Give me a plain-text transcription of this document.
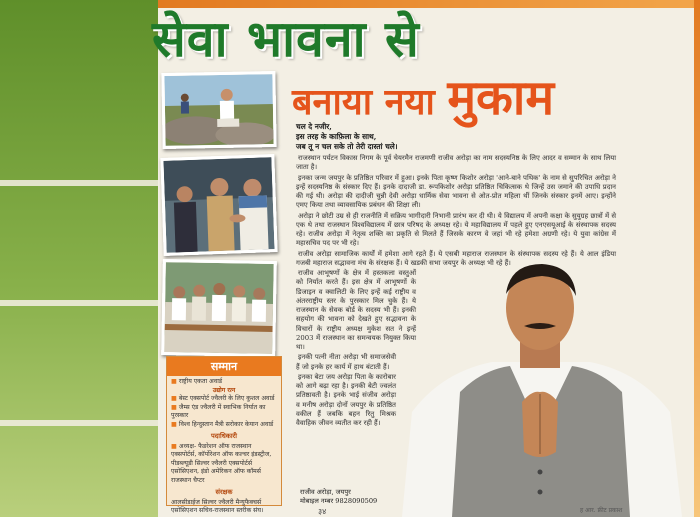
सेवा भावना से
बनाया नया मुकाम
सम्मान
■ राष्ट्रीय एकता अवार्ड
उद्योग रत्न
■ बेस्ट एक्सपोर्ट ज्वैलरी के लिए कुशल अवार्ड
■ जैम्स एंड ज्वैलरी में स्वाभिक निर्यात का पुरस्कार
■ विश्व हिन्दुस्तान मैत्री सरोकार केयान अवार्ड
पदाधिकारी
■ अध्यक्ष- फैडरेशन ऑफ राजस्थान एक्सपोर्टर्स, कॉर्पोरेशन ऑफ कल्चर इंडस्ट्रीज, पीडब्ल्यूडी सिल्वर ज्वैलरी एक्सपोर्टर्स एसोसिएशन, इंडो अमेरिकन ऑफ कॉमर्स राजस्थान चैप्टर
संरक्षक
आलसीडाईज सिल्वर ज्वैलरी मैन्युफैक्चर्स एसोसिएशन सचिव-राजस्थान स्तरीक संघ।
चल दे नजीर,
इस तरह के काफ़िला के साथ,
जब तू न चल सके तो तेरी दास्तां चले।

राजस्थान पर्यटन विकास निगम के पूर्व चेयरमैन राजमणी राजीव अरोड़ा का नाम सदस्यनिष्ठ के लिए आदर व सम्मान के साथ लिया जाता है।

इनका जन्म जयपुर के प्रतिष्ठित परिवार में हुआ। इनके पिता कृष्ण किशोर अरोड़ा 'आने-बाने पथिक' के नाम से सुपरिचित अरोड़ा ने इन्हें सदस्यनिष्ठ के संस्कार दिए हैं। इनके दादाजी डा. रूपकिशोर अरोड़ा प्रतिष्ठित चिकित्सक थे जिन्हें उस जमाने की उपाधि प्रदान की गई थी। अरोड़ा की दादीजी चुन्नी देवी अरोड़ा धार्मिक सेवा भावना से ओत-प्रोत महिला थीं जिनके संस्कार इनमें आए। इन्होंने एमए किया तथा व्यावसायिक प्रबंधन की शिक्षा ली।

अरोड़ा ने छोटी उम्र से ही राजनीति में सक्रिय भागीदारी निभानी प्रारंभ कर दी थी। ये विद्यालय में अपनी कक्षा के सुयुग्रह छात्रों में से एक थे तथा राजस्थान विश्वविद्यालय में छात्र परिषद के अध्यक्ष रहे। ये महाविद्यालय में पहले हुए एनएसयूआई के संस्थापक सदस्य रहे। राजीव अरोड़ा में नेतृत्व शक्ति का प्रकृति से मिलते हैं जिसके कारण वे जहां भी रहे हमेशा अग्रणी रहे। ये युवा कांग्रेस में महासचिव पद पर भी रहे।

राजीव अरोड़ा सामाजिक कार्यों में हमेशा आगे रहते हैं। ये एसबी महाराज राजस्थान के संस्थापक सदस्य रहे हैं। ये आल इंडिया गजबी महाराज सद्भावना मंच के संरक्षक हैं। ये खडकी सभा जयपुर के अध्यक्ष भी रहे हैं।

राजीव आभूषणों के क्षेत्र में हस्तकला वस्तुओं को निर्यात करते हैं। इस क्षेत्र में आभूषणों के डिजाइन व क्वालिटी के लिए इन्हें कई राष्ट्रीय व अंतरराष्ट्रीय स्तर के पुरस्कार मिल चुके हैं। ये राजस्थान के सेवक बोर्ड के सदस्य भी हैं। इनकी सहयोग की भावना को देखते हुए सद्भावना के विचारों के राष्ट्रीय अध्यक्ष मुकेश सत ने इन्हें 2003 में राजस्थान का समन्वयक नियुक्त किया था।

इनकी पत्नी नीता अरोड़ा भी समाजसेवी हैं जो इनके हर कार्य में हाथ बंटाती हैं।

इनका बेटा जय अरोड़ा पिता के कारोबार को आगे बढ़ा रहा है। इनकी बेटी ज्वलंत प्रतिष्ठावती है। इनके भाई संजीव अरोड़ा व मनीष अरोड़ा दोनों जयपुर के प्रतिष्ठित वकील हैं जबकि बहन रितु मिश्रक वैवाहिक जीवन व्यतीत कर रही हैं।

राजीव अरोड़ा, जयपुर
मोबाइल नम्बर 9828090509
३४	ह आर. फ्रीट प्रकाश
